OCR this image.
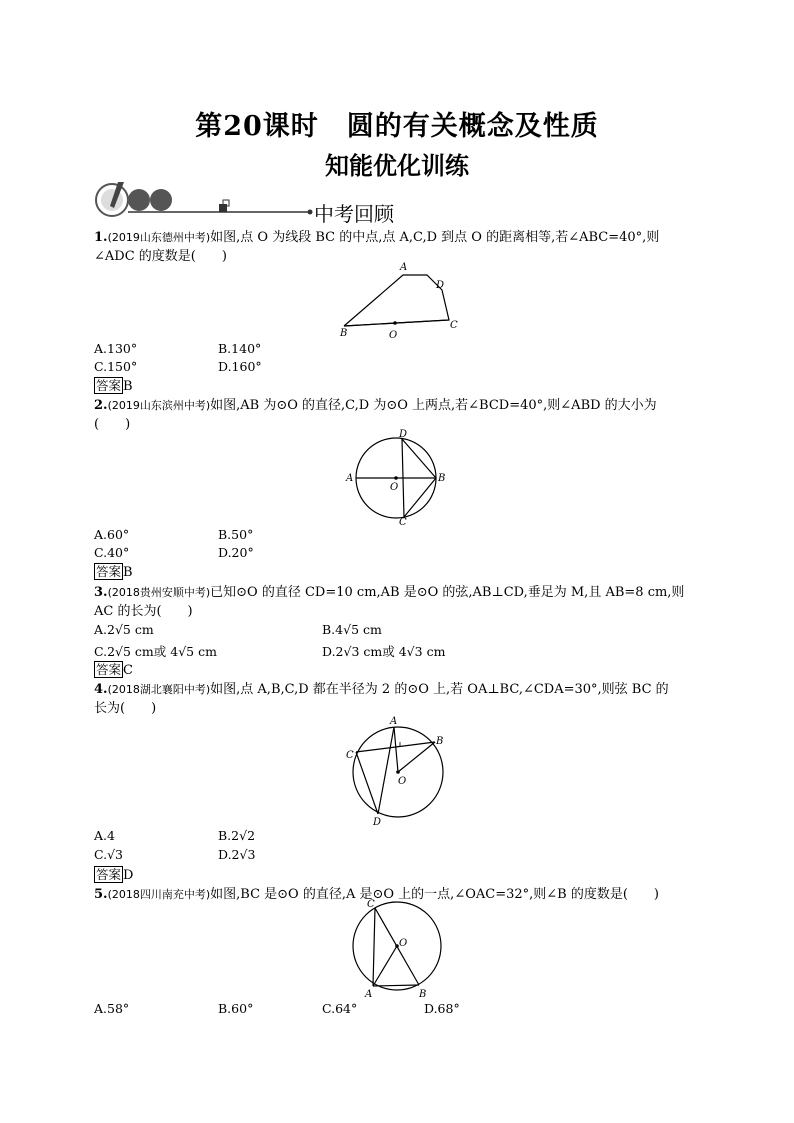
第20课时　圆的有关概念及性质
知能优化训练
中考回顾
1.(2019山东德州中考)如图,点 O 为线段 BC 的中点,点 A,C,D 到点 O 的距离相等,若∠ABC=40°,则
∠ADC 的度数是(　　)
A
D
C
B	O
A.130°	B.140°
C.150°	D.160°
答案 B
2.(2019山东滨州中考)如图,AB 为⊙O 的直径,C,D 为⊙O 上两点,若∠BCD=40°,则∠ABD 的大小为
(　　)
D
A	B
O
C
A.60°	B.50°
C.40°	D.20°
答案 B
3.(2018贵州安顺中考)已知⊙O 的直径 CD=10 cm,AB 是⊙O 的弦,AB⊥CD,垂足为 M,且 AB=8 cm,则
AC 的长为(　　)
A.2√5 cm	B.4√5 cm
C.2√5 cm或 4√5 cm	D.2√3 cm或 4√3 cm
答案 C
4.(2018湖北襄阳中考)如图,点 A,B,C,D 都在半径为 2 的⊙O 上,若 OA⊥BC,∠CDA=30°,则弦 BC 的
长为(　　)
A
B
C
O
D
A.4	B.2√2
C.√3	D.2√3
答案 D
5.(2018四川南充中考)如图,BC 是⊙O 的直径,A 是⊙O 上的一点,∠OAC=32°,则∠B 的度数是(　　)
C
O
A	B
A.58°	B.60°	C.64°	D.68°
